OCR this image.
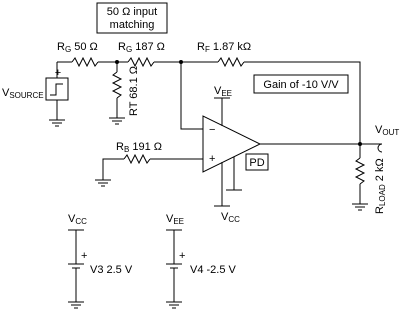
50 Ω input
matching
VSOURCE
+
RG 50 Ω
RT 68.1 Ω
RG 187 Ω	RF 1.87 kΩ
Gain of -10 V/V
−
+
VEE
VCC
PD
RB 191 Ω
VOUT
RLOAD 2 kΩ
VCC
+
V3 2.5 V
VEE
+
V4 -2.5 V
